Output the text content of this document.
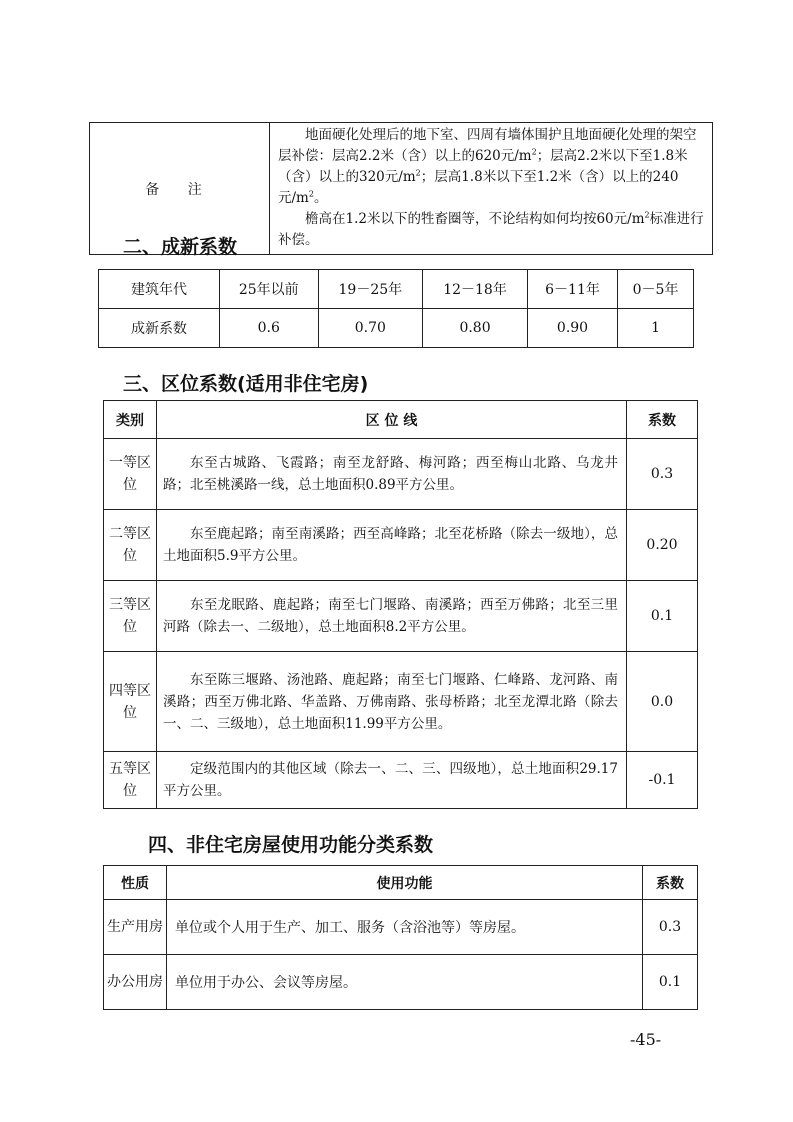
备 注	

地面硬化处理后的地下室、四周有墙体围护且地面硬化处理的架空层补偿：层高2.2米（含）以上的620元$/m^2$；层高2.2米以下至1.8米（含）以上的320元$/m^2$；层高1.8米以下至1.2米（含）以上的240元$/m^2$。

檐高在1.2米以下的牲畜圈等，不论结构如何均按60元$/m^2$标准进行补偿。

二、成新系数
建筑年代	25年以前	19－25年	12－18年	6－11年	0－5年
成新系数	0.6	0.70	0.80	0.90	1
三、区位系数(适用非住宅房)
类别	区 位 线	系数
一等区位	东至古城路、飞霞路；南至龙舒路、梅河路；西至梅山北路、乌龙井路；北至桃溪路一线，总土地面积0.89平方公里。	0.3
二等区位	东至鹿起路；南至南溪路；西至高峰路；北至花桥路（除去一级地），总土地面积5.9平方公里。	0.20
三等区位	东至龙眠路、鹿起路；南至七门堰路、南溪路；西至万佛路；北至三里河路（除去一、二级地），总土地面积8.2平方公里。	0.1
四等区位	东至陈三堰路、汤池路、鹿起路；南至七门堰路、仁峰路、龙河路、南溪路；西至万佛北路、华盖路、万佛南路、张母桥路；北至龙潭北路（除去一、二、三级地），总土地面积11.99平方公里。	0.0
五等区位	定级范围内的其他区域（除去一、二、三、四级地），总土地面积29.17平方公里。	-0.1
四、非住宅房屋使用功能分类系数
性质	使用功能	系数
生产用房	单位或个人用于生产、加工、服务（含浴池等）等房屋。	0.3
办公用房	单位用于办公、会议等房屋。	0.1
-45-
